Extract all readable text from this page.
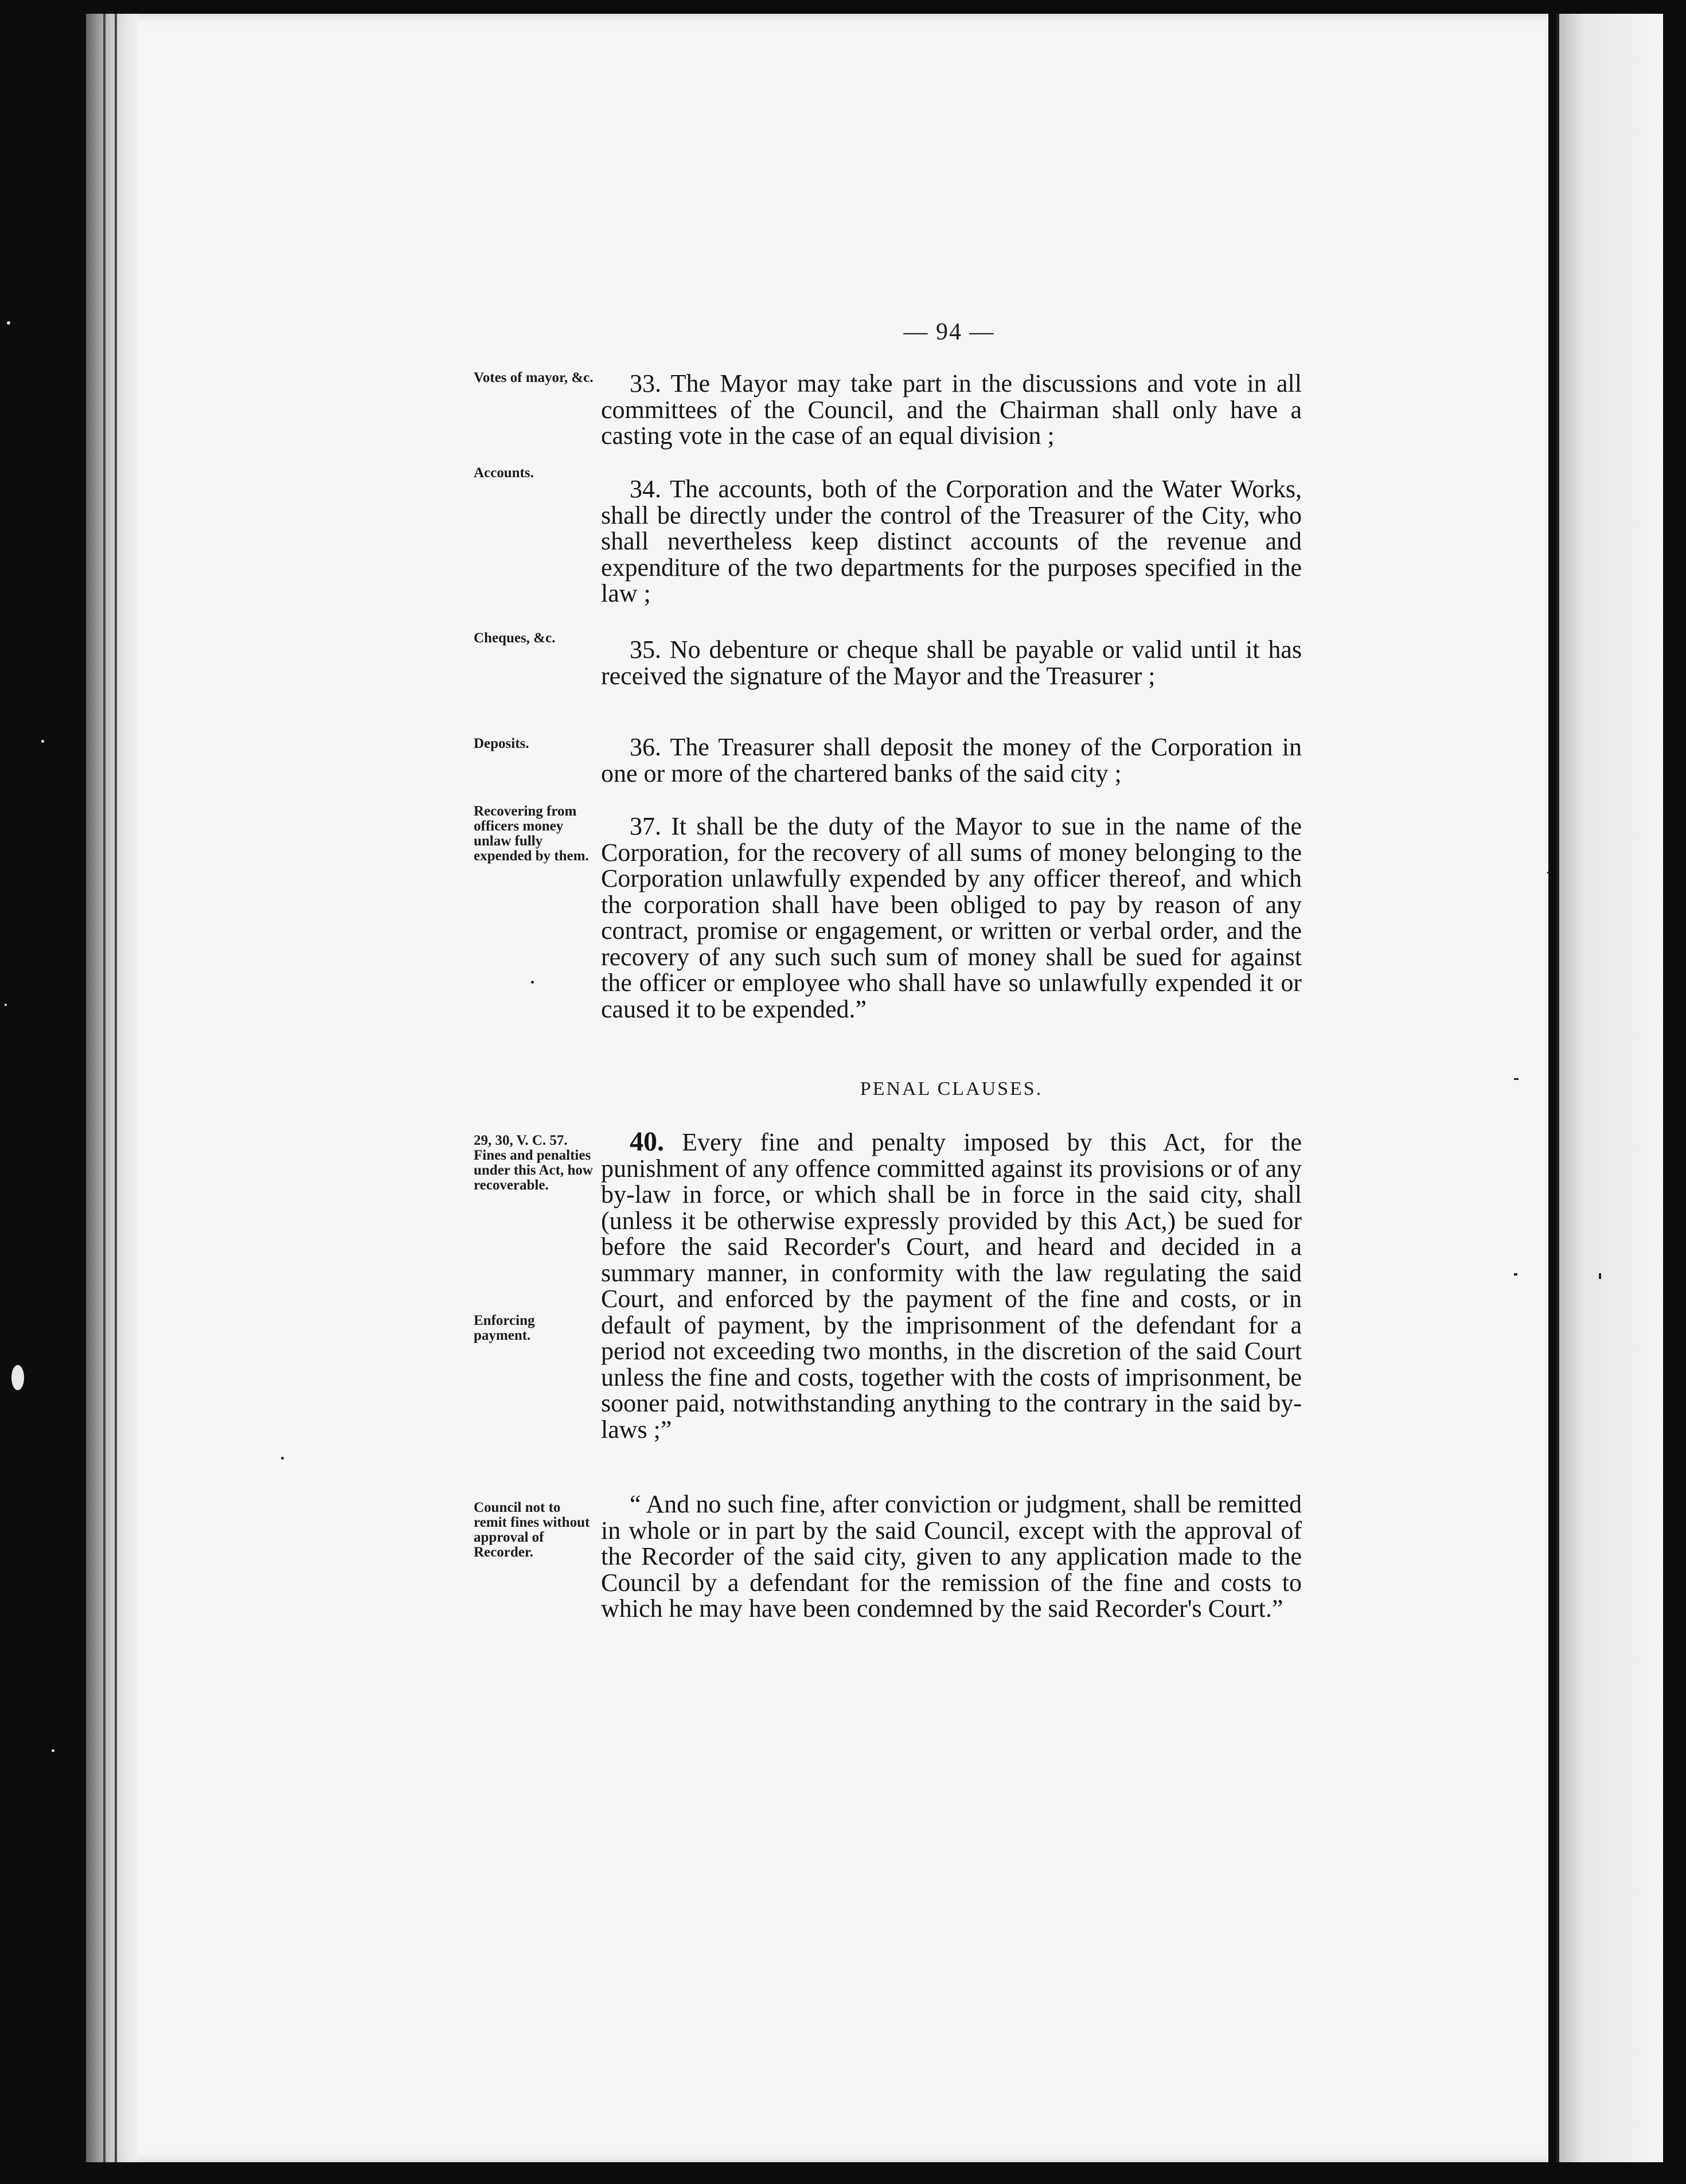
— 94 —

Votes of mayor, &c.	33. The Mayor may take part in the discussions and vote in all committees of the Council, and the Chairman shall only have a casting vote in the case of an equal division ;

Accounts.

34. The accounts, both of the Corporation and the Water Works, shall be directly under the control of the Treasurer of the City, who shall nevertheless keep distinct accounts of the revenue and expenditure of the two departments for the purposes specified in the law ;

Cheques, &c.	35. No debenture or cheque shall be payable or valid until it has received the signature of the Mayor and the Treasurer ;

Deposits.	36. The Treasurer shall deposit the money of the Corporation in one or more of the chartered banks of the said city ;

Recovering from officers money unlaw fully expended by them.

37. It shall be the duty of the Mayor to sue in the name of the Corporation, for the recovery of all sums of money belonging to the Corporation unlawfully expended by any officer thereof, and which the corporation shall have been obliged to pay by reason of any contract, promise or engagement, or written or verbal order, and the recovery of any such such sum of money shall be sued for against the officer or employee who shall have so unlawfully expended it or caused it to be expended.”

PENAL CLAUSES.

29, 30, V. C. 57. Fines and penalties under this Act, how recoverable.

40. Every fine and penalty imposed by this Act, for the punishment of any offence committed against its provisions or of any by-law in force, or which shall be in force in the said city, shall (unless it be otherwise expressly provided by this Act,) be sued for before the said Recorder's Court, and heard and decided in a summary manner, in conformity with the law regulating the said Court, and enforced by the payment of the fine and costs, or in default of payment, by the imprisonment of the defendant for a period not exceeding two months, in the discretion of the said Court unless the fine and costs, together with the costs of imprisonment, be sooner paid, notwithstanding anything to the contrary in the said by-laws ;”

Enforcing payment.

Council not to remit fines without approval of Recorder.

“ And no such fine, after conviction or judgment, shall be remitted in whole or in part by the said Council, except with the approval of the Recorder of the said city, given to any application made to the Council by a defendant for the remission of the fine and costs to which he may have been condemned by the said Recorder's Court.”
